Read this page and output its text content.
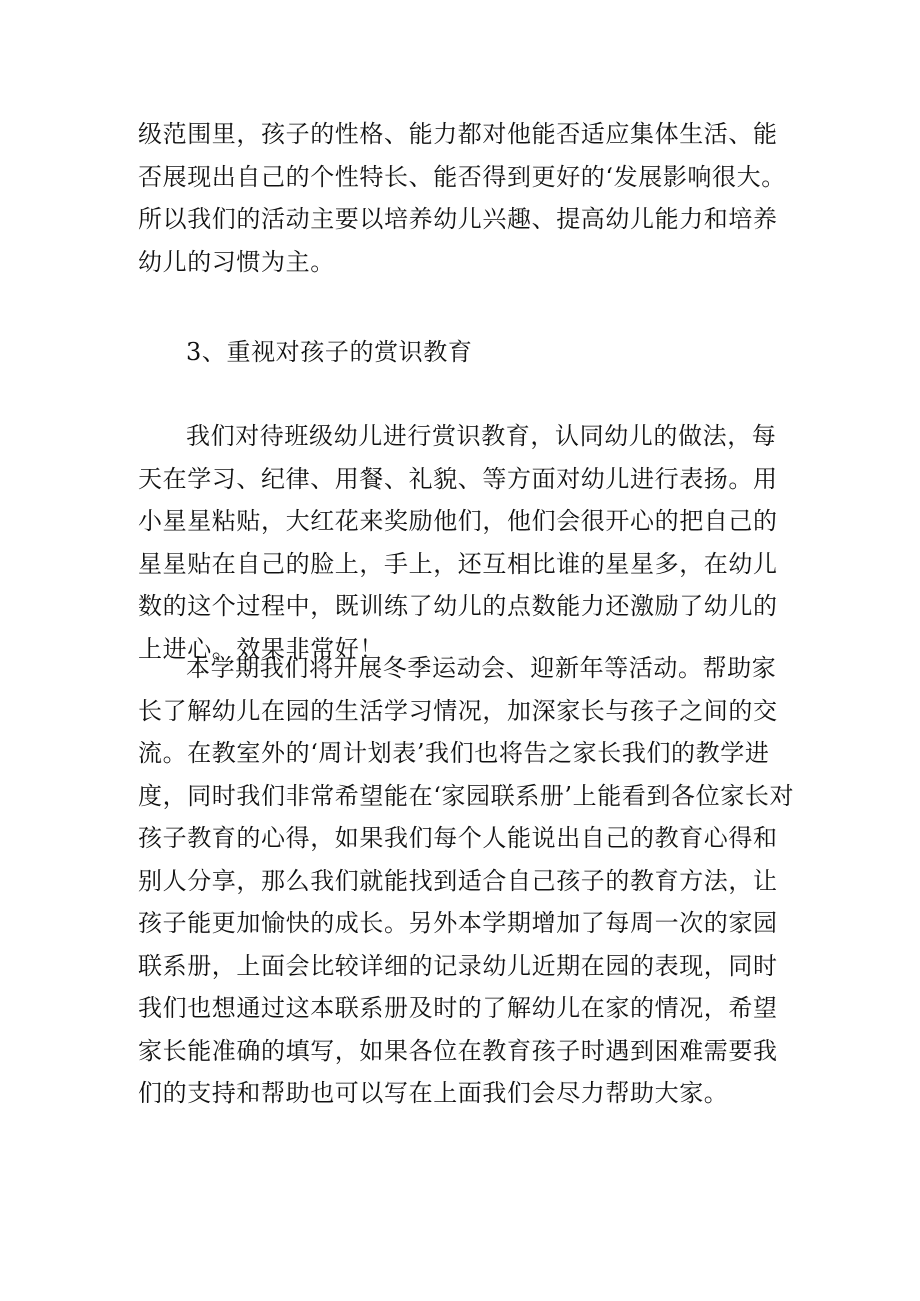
级范围里，孩子的性格、能力都对他能否适应集体生活、能否展现出自己的个性特长、能否得到更好的‘发展影响很大。所以我们的活动主要以培养幼儿兴趣、提高幼儿能力和培养幼儿的习惯为主。

3、重视对孩子的赏识教育

我们对待班级幼儿进行赏识教育，认同幼儿的做法，每天在学习、纪律、用餐、礼貌、等方面对幼儿进行表扬。用小星星粘贴，大红花来奖励他们，他们会很开心的把自己的星星贴在自己的脸上，手上，还互相比谁的星星多，在幼儿数的这个过程中，既训练了幼儿的点数能力还激励了幼儿的上进心。效果非常好！

本学期我们将开展冬季运动会、迎新年等活动。帮助家长了解幼儿在园的生活学习情况，加深家长与孩子之间的交流。在教室外的‘周计划表’我们也将告之家长我们的教学进度，同时我们非常希望能在‘家园联系册’上能看到各位家长对孩子教育的心得，如果我们每个人能说出自己的教育心得和别人分享，那么我们就能找到适合自己孩子的教育方法，让孩子能更加愉快的成长。另外本学期增加了每周一次的家园联系册，上面会比较详细的记录幼儿近期在园的表现，同时我们也想通过这本联系册及时的了解幼儿在家的情况，希望家长能准确的填写，如果各位在教育孩子时遇到困难需要我们的支持和帮助也可以写在上面我们会尽力帮助大家。
